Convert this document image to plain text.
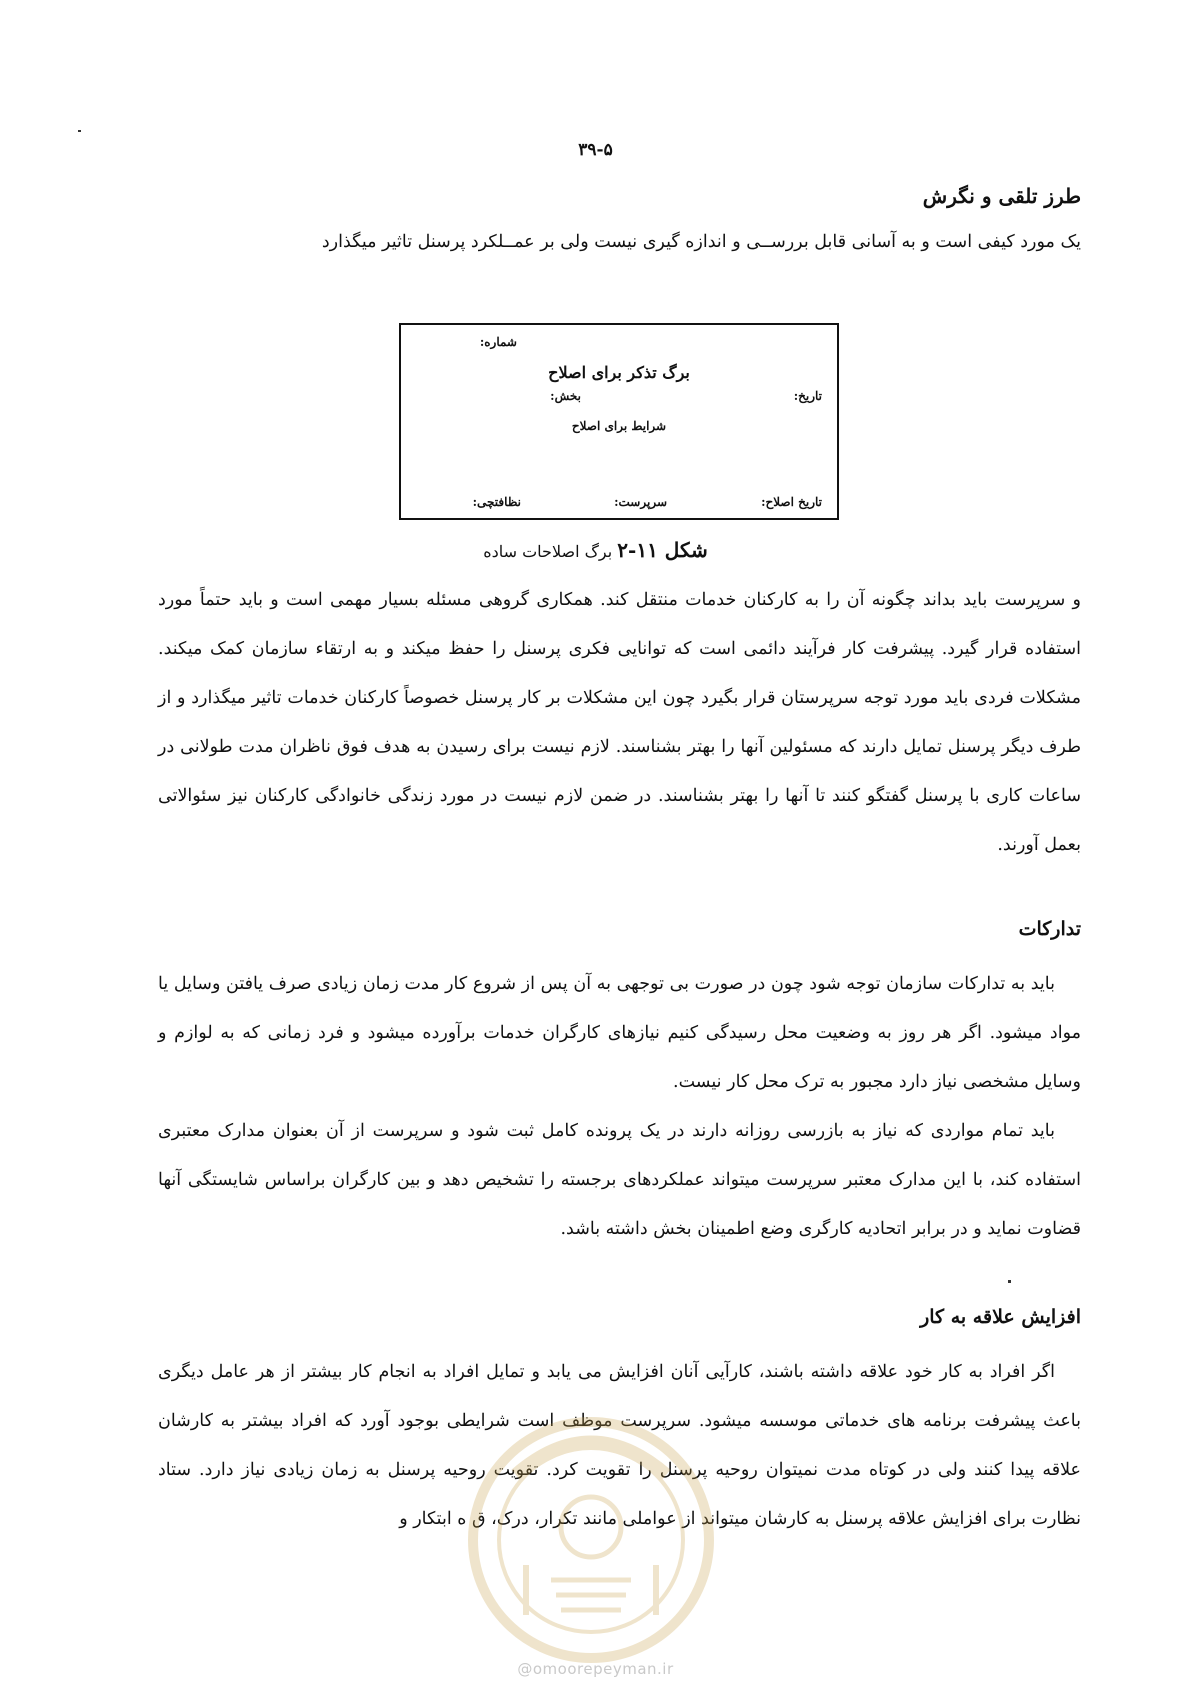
۳۹-۵
طرز تلقی و نگرش
یک مورد کیفی است و به آسانی قابل بررســی و اندازه گیری نیست ولی بر عمــلکرد پرسنل تاثیر میگذارد
شماره:
برگ تذکر برای اصلاح
بخش:	تاریخ:
شرایط برای اصلاح
تاریخ اصلاح:
سرپرست:
نظافتچی:
شکل ۱۱-۲ برگ اصلاحات ساده
و سرپرست باید بداند چگونه آن را به کارکنان خدمات منتقل کند. همکاری گروهی مسئله بسیار مهمی است و باید حتماً مورد استفاده قرار گیرد. پیشرفت کار فرآیند دائمی است که توانایی فکری پرسنل را حفظ میکند و به ارتقاء سازمان کمک میکند. مشکلات فردی باید مورد توجه سرپرستان قرار بگیرد چون این مشکلات بر کار پرسنل خصوصاً کارکنان خدمات تاثیر میگذارد و از طرف دیگر پرسنل تمایل دارند که مسئولین آنها را بهتر بشناسند. لازم نیست برای رسیدن به هدف فوق ناظران مدت طولانی در ساعات کاری با پرسنل گفتگو کنند تا آنها را بهتر بشناسند. در ضمن لازم نیست در مورد زندگی خانوادگی کارکنان نیز سئوالاتی بعمل آورند.
تدارکات
باید به تدارکات سازمان توجه شود چون در صورت بی توجهی به آن پس از شروع کار مدت زمان زیادی صرف یافتن وسایل یا مواد میشود. اگر هر روز به وضعیت محل رسیدگی کنیم نیازهای کارگران خدمات برآورده میشود و فرد زمانی که به لوازم و وسایل مشخصی نیاز دارد مجبور به ترک محل کار نیست.
باید تمام مواردی که نیاز به بازرسی روزانه دارند در یک پرونده کامل ثبت شود و سرپرست از آن بعنوان مدارک معتبری استفاده کند، با این مدارک معتبر سرپرست میتواند عملکردهای برجسته را تشخیص دهد و بین کارگران براساس شایستگی آنها قضاوت نماید و در برابر اتحادیه کارگری وضع اطمینان بخش داشته باشد.
افزایش علاقه به کار
اگر افراد به کار خود علاقه داشته باشند، کارآیی آنان افزایش می یابد و تمایل افراد به انجام کار بیشتر از هر عامل دیگری باعث پیشرفت برنامه های خدماتی موسسه میشود. سرپرست موظف است شرایطی بوجود آورد که افراد بیشتر به کارشان علاقه پیدا کنند ولی در کوتاه مدت نمیتوان روحیه پرسنل را تقویت کرد. تقویت روحیه پرسنل به زمان زیادی نیاز دارد. ستاد نظارت برای افزایش علاقه پرسنل به کارشان میتواند از عواملی مانند تکرار، درک، ق ه ابتکار و
@omoorepeyman.ir
